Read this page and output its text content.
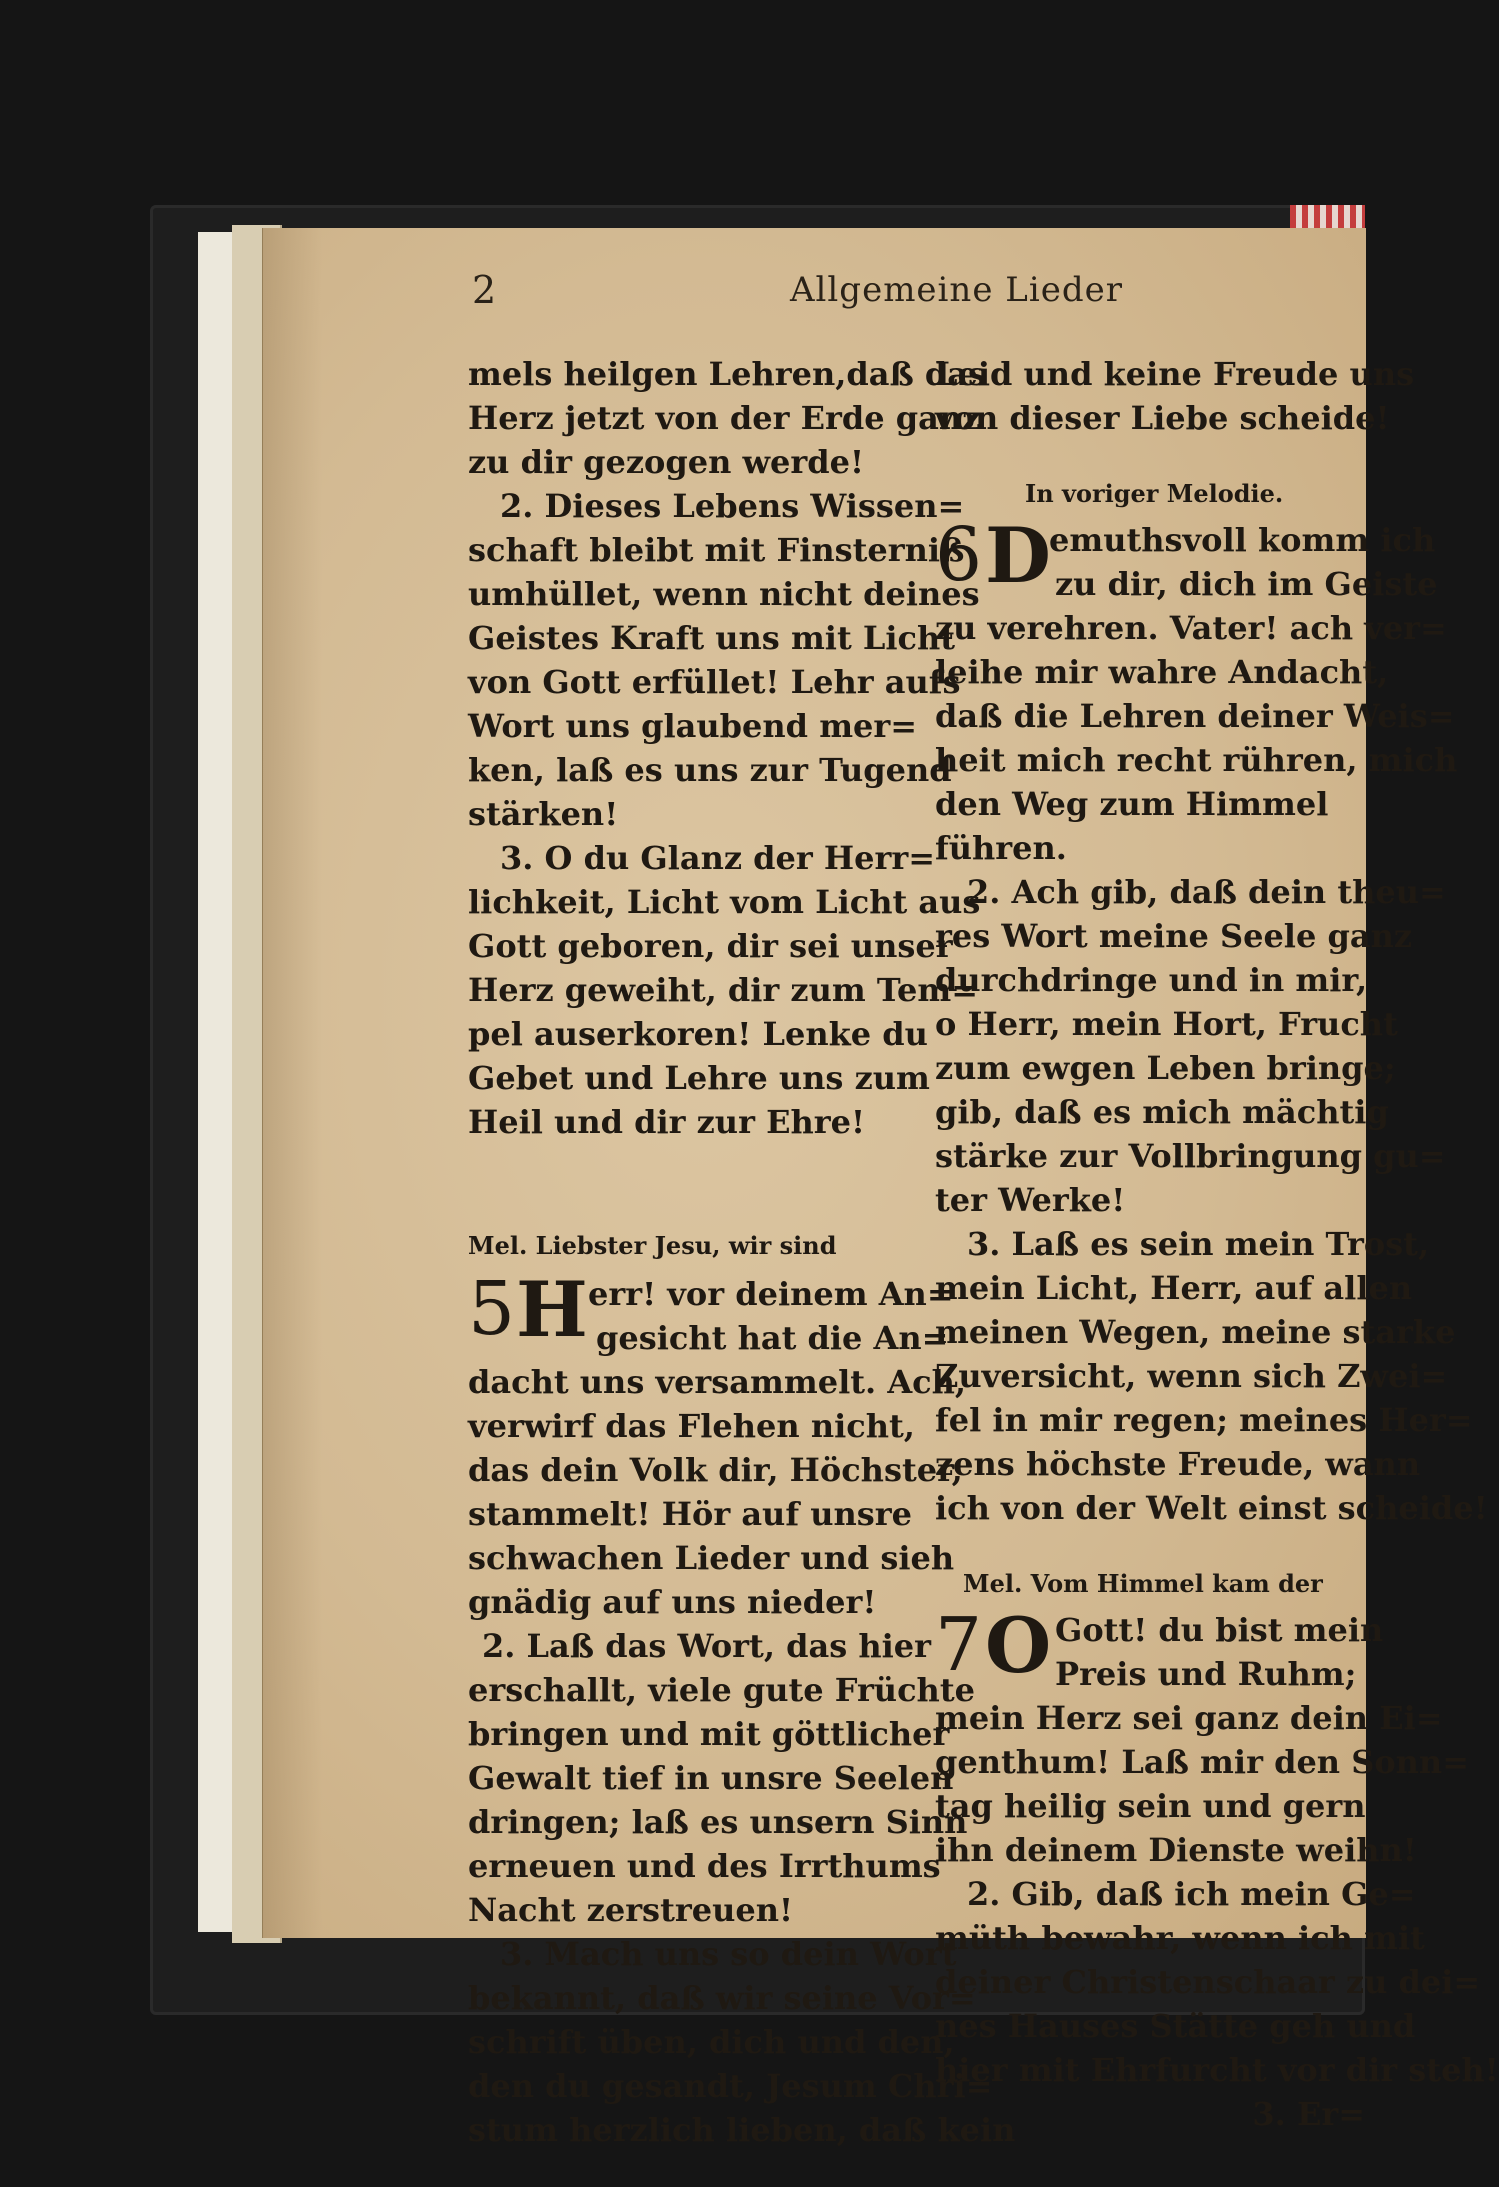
2	Allgemeine Lieder

mels heilgen Lehren,daß das

Herz jetzt von der Erde ganz

zu dir gezogen werde!

2. Dieses Lebens Wissen=

schaft bleibt mit Finsterniß

umhüllet, wenn nicht deines

Geistes Kraft uns mit Licht

von Gott erfüllet! Lehr aufs

Wort uns glaubend mer=

ken, laß es uns zur Tugend

stärken!

3. O du Glanz der Herr=

lichkeit, Licht vom Licht aus

Gott geboren, dir sei unser

Herz geweiht, dir zum Tem=

pel auserkoren! Lenke du

Gebet und Lehre uns zum

Heil und dir zur Ehre!

Mel. Liebster Jesu, wir sind

5 H err! vor deinem An=

gesicht hat die An=

dacht uns versammelt. Ach,

verwirf das Flehen nicht,

das dein Volk dir, Höchster,

stammelt! Hör auf unsre

schwachen Lieder und sieh

gnädig auf uns nieder!

2. Laß das Wort, das hier

erschallt, viele gute Früchte

bringen und mit göttlicher

Gewalt tief in unsre Seelen

dringen; laß es unsern Sinn

erneuen und des Irrthums

Nacht zerstreuen!

3. Mach uns so dein Wort

bekannt, daß wir seine Vor=

schrift üben, dich und den,

den du gesandt, Jesum Chri=

stum herzlich lieben, daß kein

Leid und keine Freude uns

von dieser Liebe scheide!

In voriger Melodie.

6 D

emuthsvoll komm ich

zu dir, dich im Geiste

zu verehren. Vater! ach ver=

leihe mir wahre Andacht,

daß die Lehren deiner Weis=

heit mich recht rühren, mich

den Weg zum Himmel

führen.

2. Ach gib, daß dein theu=

res Wort meine Seele ganz

durchdringe und in mir,

o Herr, mein Hort, Frucht

zum ewgen Leben bringe;

gib, daß es mich mächtig

stärke zur Vollbringung gu=

ter Werke!

3. Laß es sein mein Trost,

mein Licht, Herr, auf allen

meinen Wegen, meine starke

Zuversicht, wenn sich Zwei=

fel in mir regen; meines Her=

zens höchste Freude, wann

ich von der Welt einst scheide!

Mel. Vom Himmel kam der

7 O Gott! du bist mein

Preis und Ruhm;

mein Herz sei ganz dein Ei=

genthum! Laß mir den Sonn=

tag heilig sein und gern

ihn deinem Dienste weihn!

2. Gib, daß ich mein Ge=

müth bewahr, wenn ich mit

deiner Christenschaar zu dei=

nes Hauses Stätte geh und

hier mit Ehrfurcht vor dir steh!

3. Er=
